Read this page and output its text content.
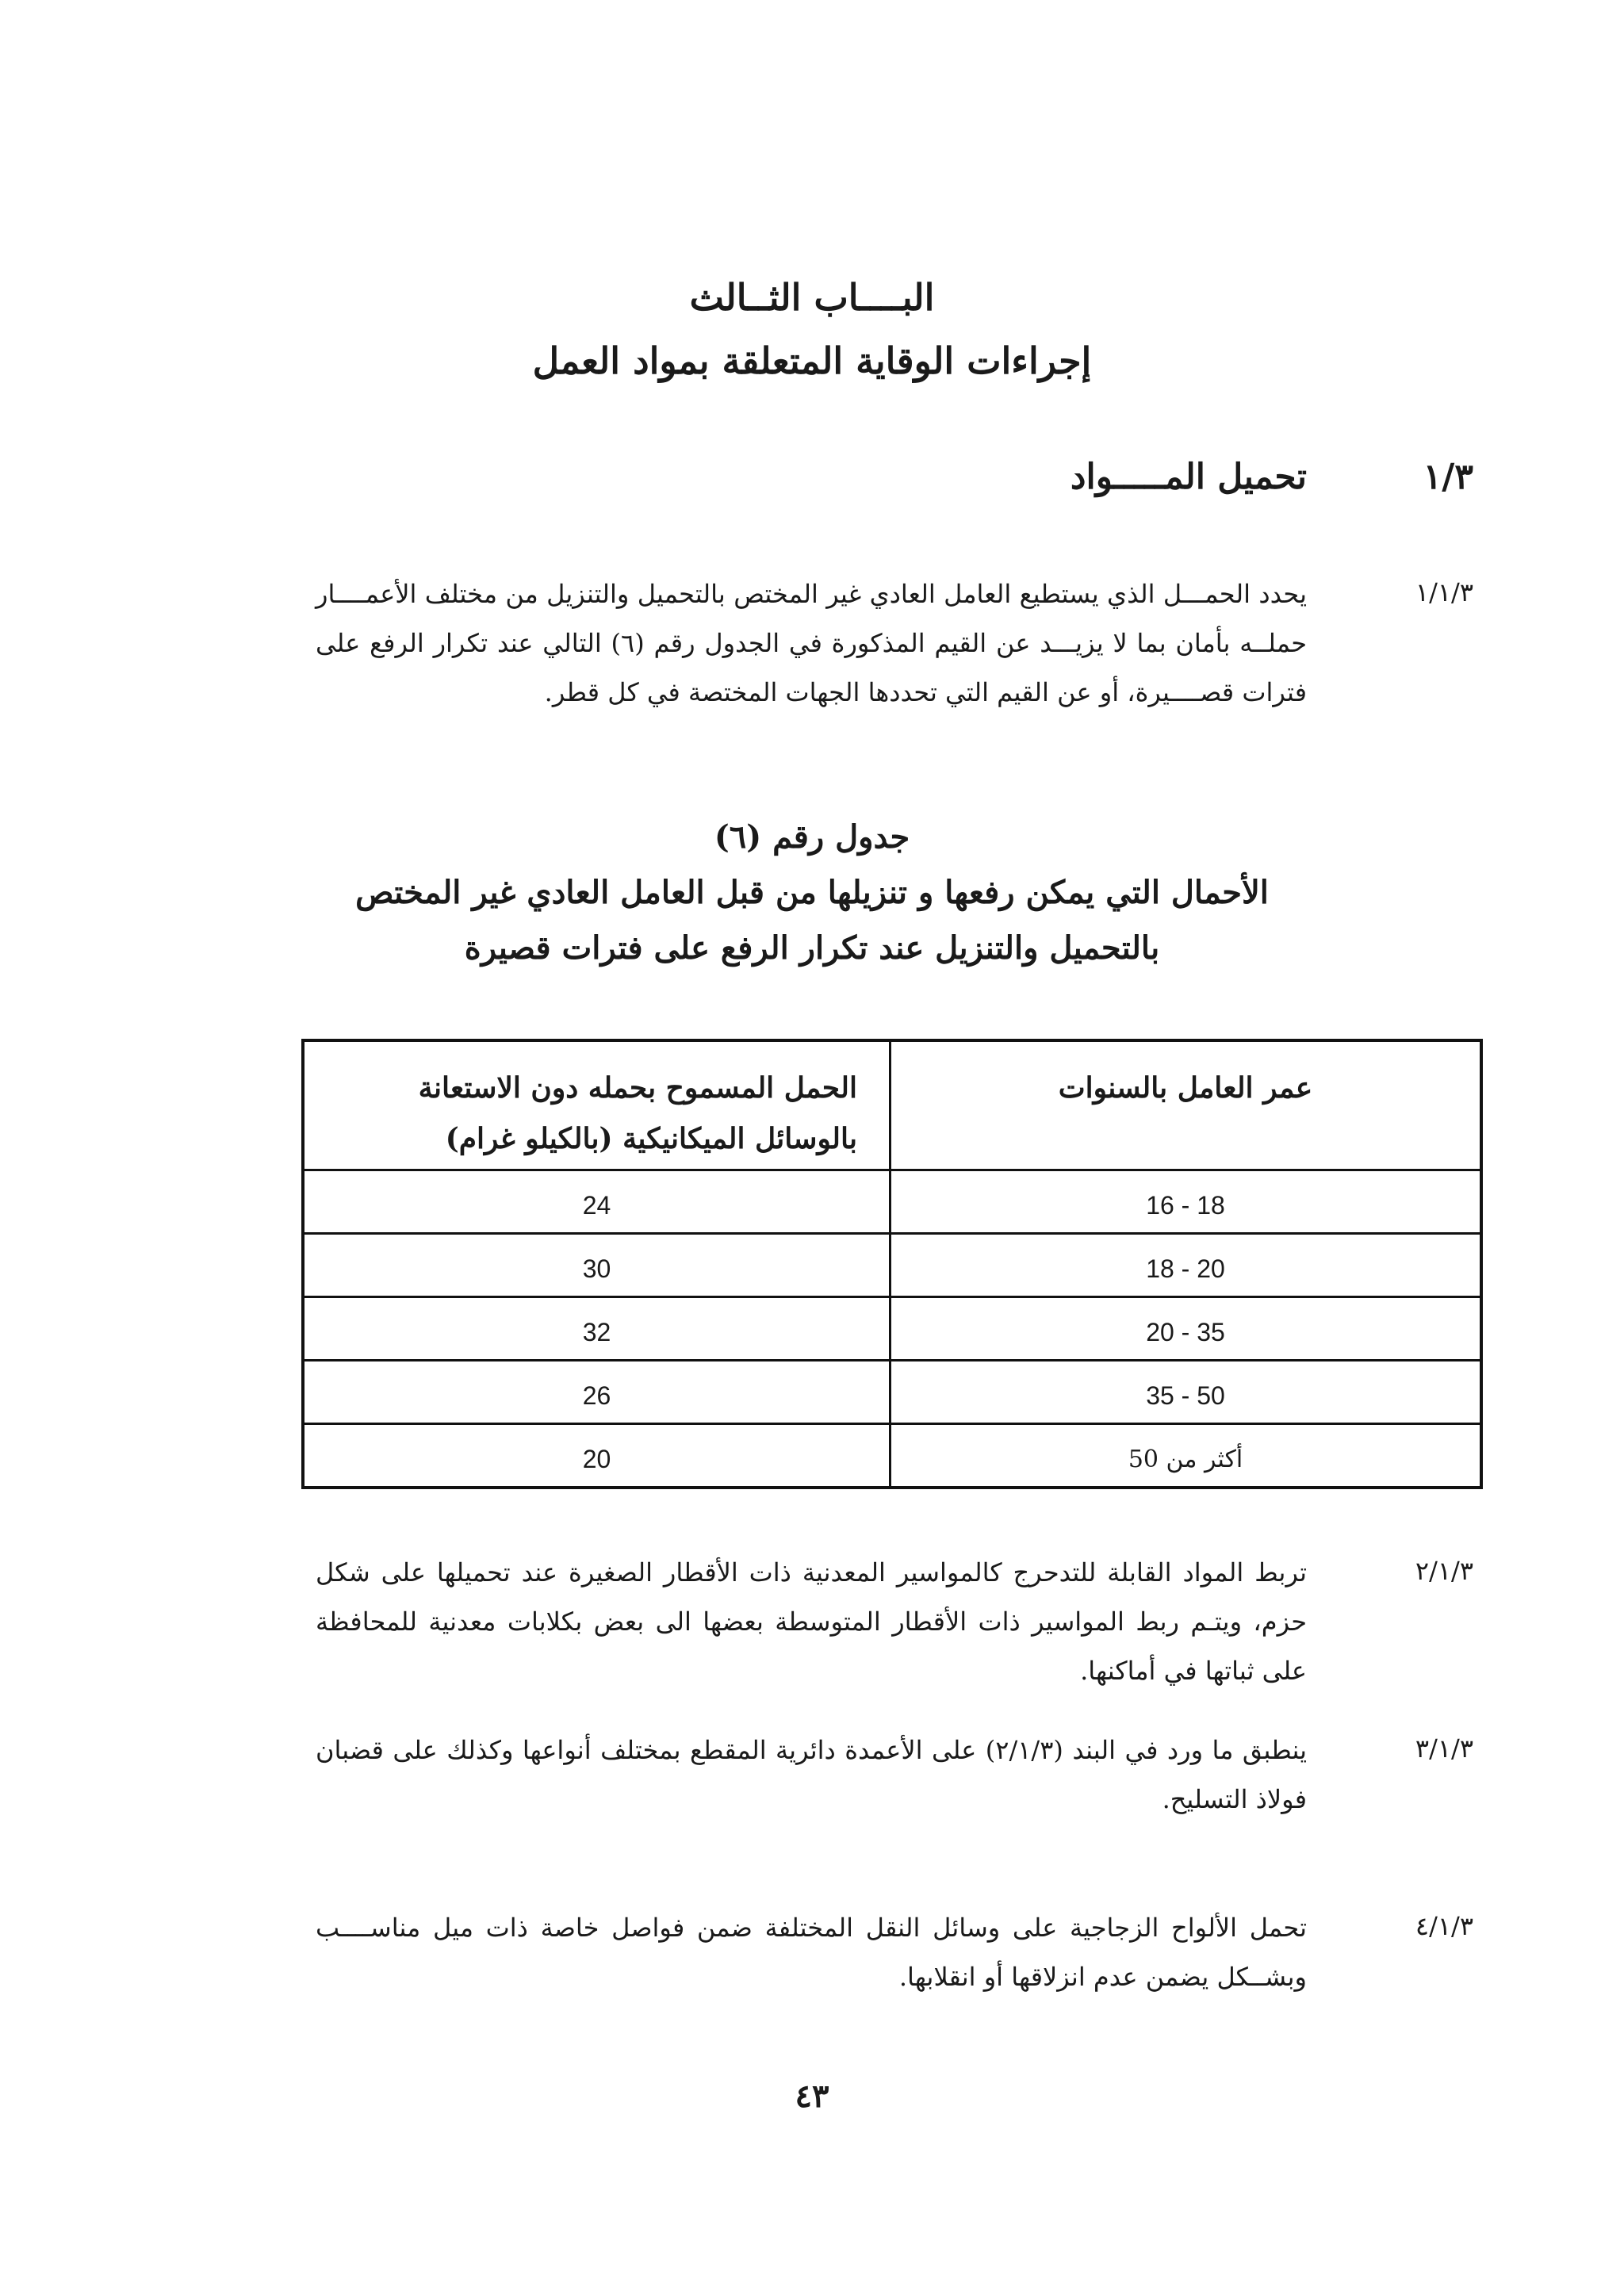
البــــاب الثــالث
إجراءات الوقاية المتعلقة بمواد العمل
١/٣
تحميل المـــــواد
١/١/٣
يحدد الحمـــل الذي يستطيع العامل العادي غير المختص بالتحميل والتنزيل من مختلف الأعمــــار حملــه بأمان بما لا يزيـــد عن القيم المذكورة في الجدول رقم (٦) التالي عند تكرار الرفع على فترات قصــــيرة، أو عن القيم التي تحددها الجهات المختصة في كل قطر.
جدول رقم (٦)
الأحمال التي يمكن رفعها و تنزيلها من قبل العامل العادي غير المختص
بالتحميل والتنزيل عند تكرار الرفع على فترات قصيرة
عمر العامل بالسنوات
الحمل المسموح بحمله دون الاستعانة بالوسائل الميكانيكية (بالكيلو غرام)
18 - 16
24
20 - 18
30
35 - 20
32
50 - 35
26
أكثر من 50
20
٢/١/٣
تربط المواد القابلة للتدحرج كالمواسير المعدنية ذات الأقطار الصغيرة عند تحميلها على شكل حزم، ويتـم ربط المواسير ذات الأقطار المتوسطة بعضها الى بعض بكلابات معدنية للمحافظة على ثباتها في أماكنها.
٣/١/٣
ينطبق ما ورد في البند (٢/١/٣) على الأعمدة دائرية المقطع بمختلف أنواعها وكذلك على قضبان فولاذ التسليح.
٤/١/٣
تحمل الألواح الزجاجية على وسائل النقل المختلفة ضمن فواصل خاصة ذات ميل مناســــب وبشــكل يضمن عدم انزلاقها أو انقلابها.
٤٣
